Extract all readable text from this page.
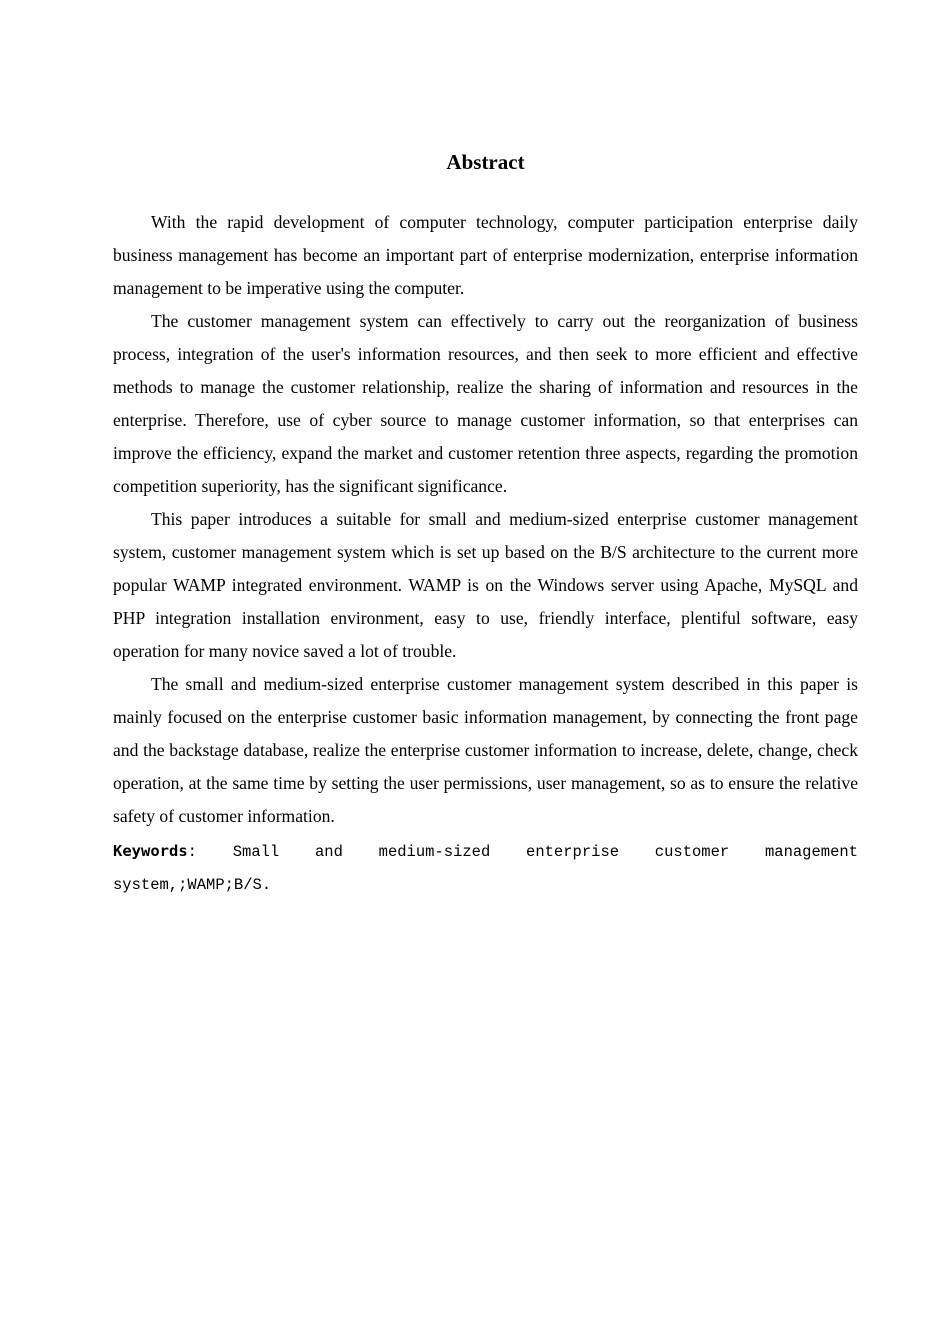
Abstract

With the rapid development of computer technology, computer participation enterprise daily business management has become an important part of enterprise modernization, enterprise information management to be imperative using the computer.

The customer management system can effectively to carry out the reorganization of business process, integration of the user's information resources, and then seek to more efficient and effective methods to manage the customer relationship, realize the sharing of information and resources in the enterprise. Therefore, use of cyber source to manage customer information, so that enterprises can improve the efficiency, expand the market and customer retention three aspects, regarding the promotion competition superiority, has the significant significance.

This paper introduces a suitable for small and medium-sized enterprise customer management system, customer management system which is set up based on the B/S architecture to the current more popular WAMP integrated environment. WAMP is on the Windows server using Apache, MySQL and PHP integration installation environment, easy to use, friendly interface, plentiful software, easy operation for many novice saved a lot of trouble.

The small and medium-sized enterprise customer management system described in this paper is mainly focused on the enterprise customer basic information management, by connecting the front page and the backstage database, realize the enterprise customer information to increase, delete, change, check operation, at the same time by setting the user permissions, user management, so as to ensure the relative safety of customer information.

Keywords: Small and medium-sized enterprise customer management system,;WAMP;B/S.
